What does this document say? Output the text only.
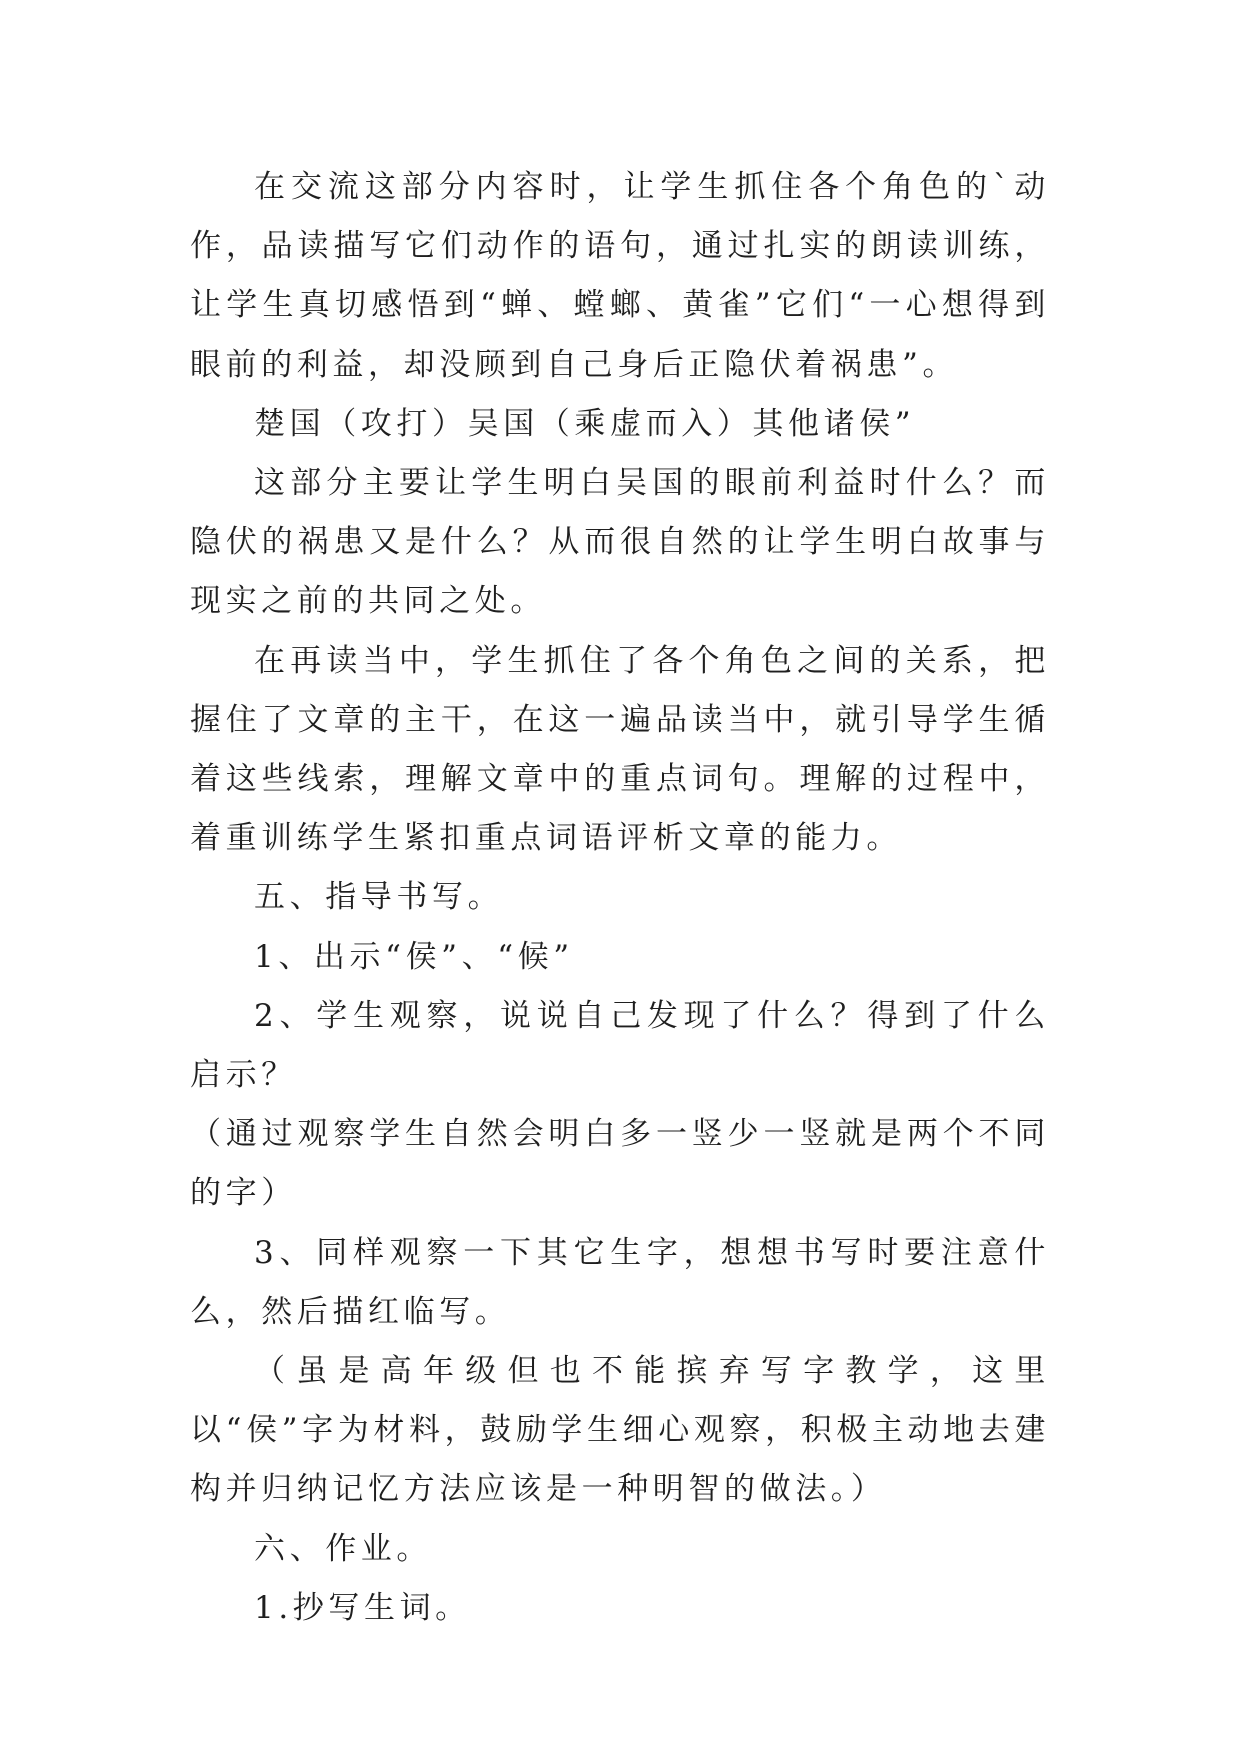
在交流这部分内容时，让学生抓住各个角色的`动作，品读描写它们动作的语句，通过扎实的朗读训练，让学生真切感悟到“蝉、螳螂、黄雀”它们“一心想得到眼前的利益，却没顾到自己身后正隐伏着祸患”。

楚国（攻打）吴国（乘虚而入）其他诸侯”

这部分主要让学生明白吴国的眼前利益时什么？而隐伏的祸患又是什么？从而很自然的让学生明白故事与现实之前的共同之处。

在再读当中，学生抓住了各个角色之间的关系，把握住了文章的主干，在这一遍品读当中，就引导学生循着这些线索，理解文章中的重点词句。理解的过程中，着重训练学生紧扣重点词语评析文章的能力。

五、指导书写。

1、出示“侯”、“候”

2、学生观察，说说自己发现了什么？得到了什么启示？

（通过观察学生自然会明白多一竖少一竖就是两个不同的字）

3、同样观察一下其它生字，想想书写时要注意什么，然后描红临写。

（虽是高年级但也不能摈弃写字教学，这里以“侯”字为材料，鼓励学生细心观察，积极主动地去建构并归纳记忆方法应该是一种明智的做法。）

六、作业。

1.抄写生词。
